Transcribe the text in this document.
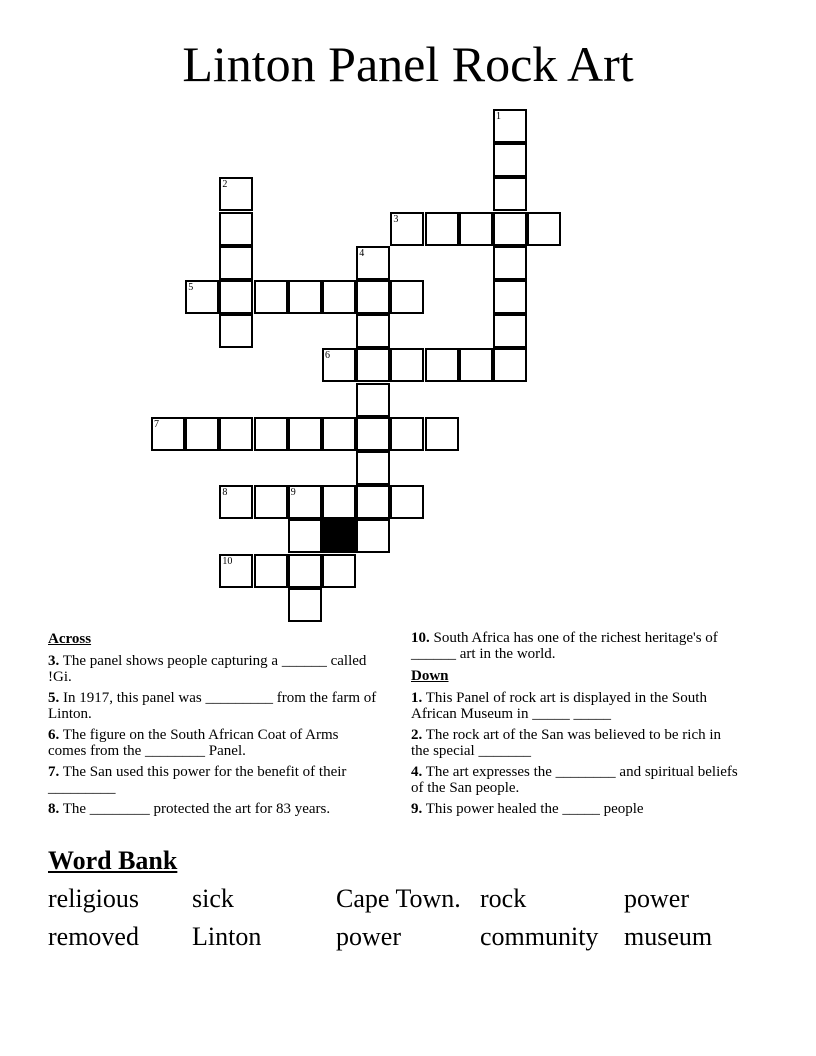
Linton Panel Rock Art
1
2
3
4
5
6
7
8	9
10
Across

3. The panel shows people capturing a ______ called !Gi.

5. In 1917, this panel was _________ from the farm of Linton.

6. The figure on the South African Coat of Arms comes from the ________ Panel.

7. The San used this power for the benefit of their _________

8. The ________ protected the art for 83 years.

10. South Africa has one of the richest heritage's of ______ art in the world.

Down

1. This Panel of rock art is displayed in the South African Museum in _____ _____

2. The rock art of the San was believed to be rich in the special _______

4. The art expresses the ________ and spiritual beliefs of the San people.

9. This power healed the _____ people

Word Bank
religious	sick	Cape Town. rock	power
removed	Linton	power	community museum
